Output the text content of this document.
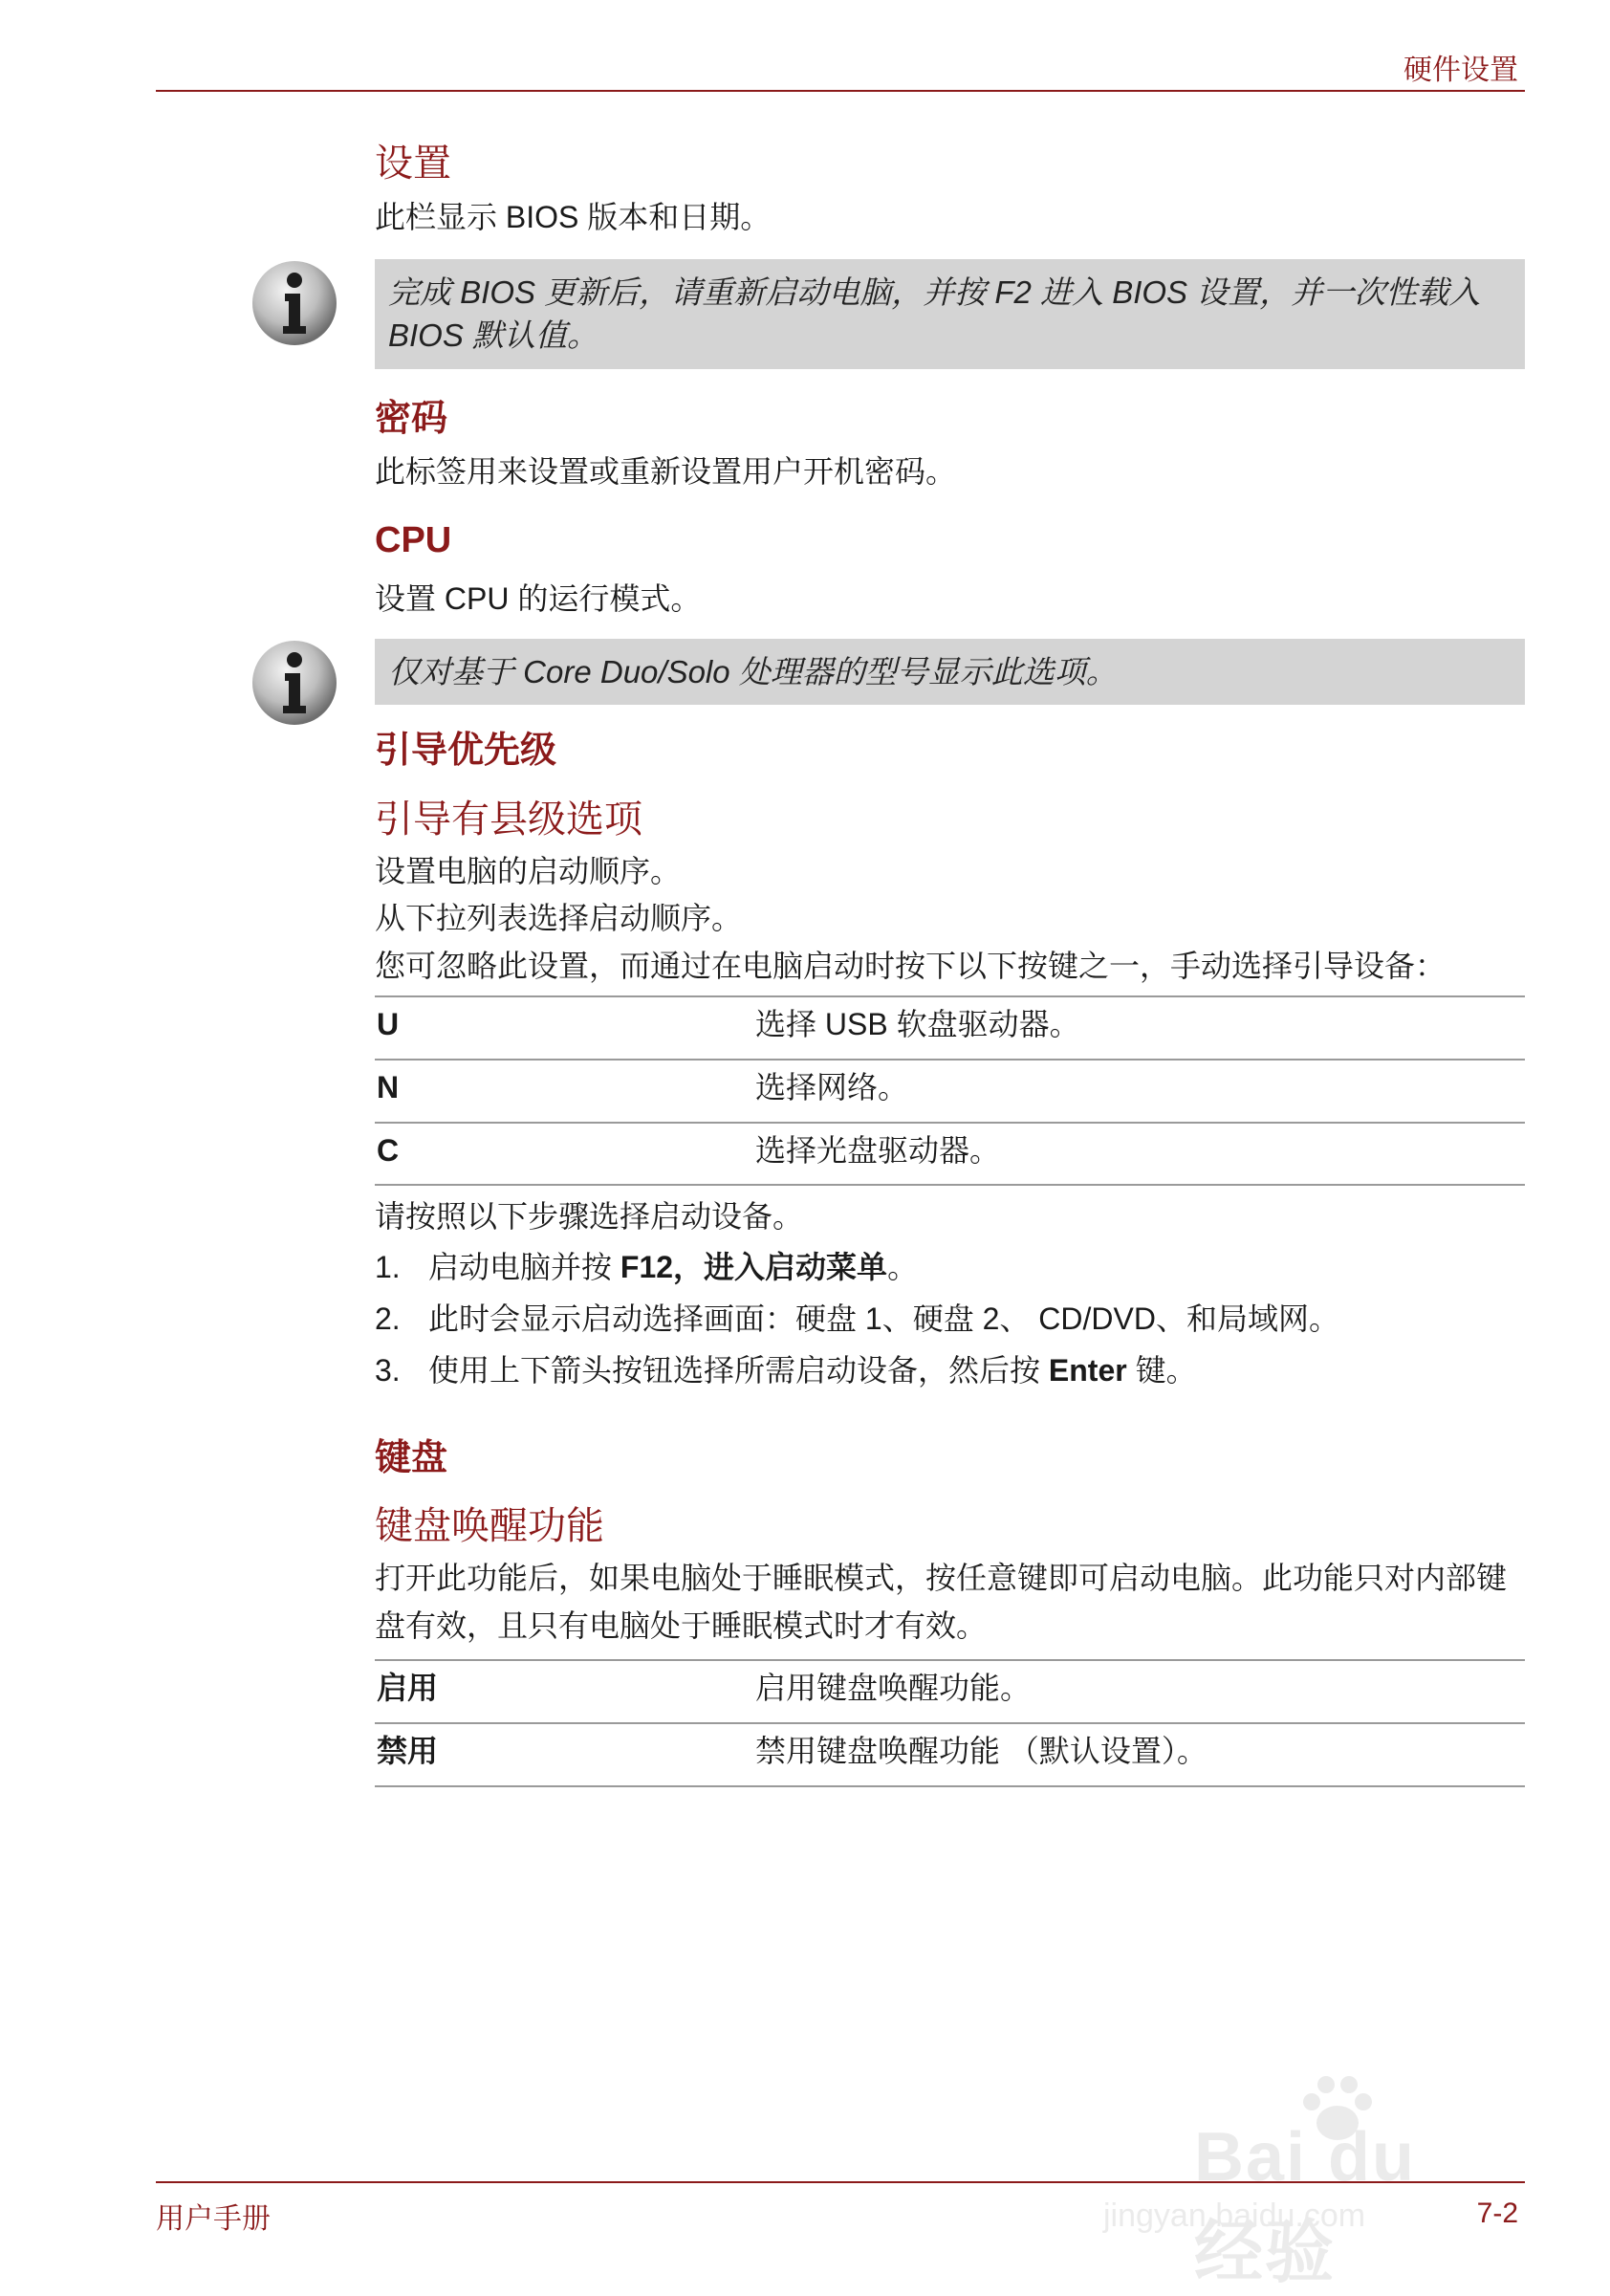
硬件设置
设置

此栏显示 BIOS 版本和日期。

完成 BIOS 更新后，请重新启动电脑，并按 F2 进入 BIOS 设置，并一次性载入 BIOS 默认值。
密码

此标签用来设置或重新设置用户开机密码。

CPU

设置 CPU 的运行模式。

仅对基于 Core Duo/Solo 处理器的型号显示此选项。
引导优先级
引导有县级选项

设置电脑的启动顺序。

从下拉列表选择启动顺序。

您可忽略此设置，而通过在电脑启动时按下以下按键之一，手动选择引导设备：

U	选择 USB 软盘驱动器。
N	选择网络。
C	选择光盘驱动器。

请按照以下步骤选择启动设备。

1. 启动电脑并按 F12，进入启动菜单。
2. 此时会显示启动选择画面：硬盘 1、硬盘 2、 CD/DVD、和局域网。
3. 使用上下箭头按钮选择所需启动设备，然后按 Enter 键。
键盘
键盘唤醒功能

打开此功能后，如果电脑处于睡眠模式，按任意键即可启动电脑。此功能只对内部键盘有效，且只有电脑处于睡眠模式时才有效。

启用	启用键盘唤醒功能。
禁用	禁用键盘唤醒功能 （默认设置）。
Bai du 经验
jingyan.baidu.com
用户手册	7-2
